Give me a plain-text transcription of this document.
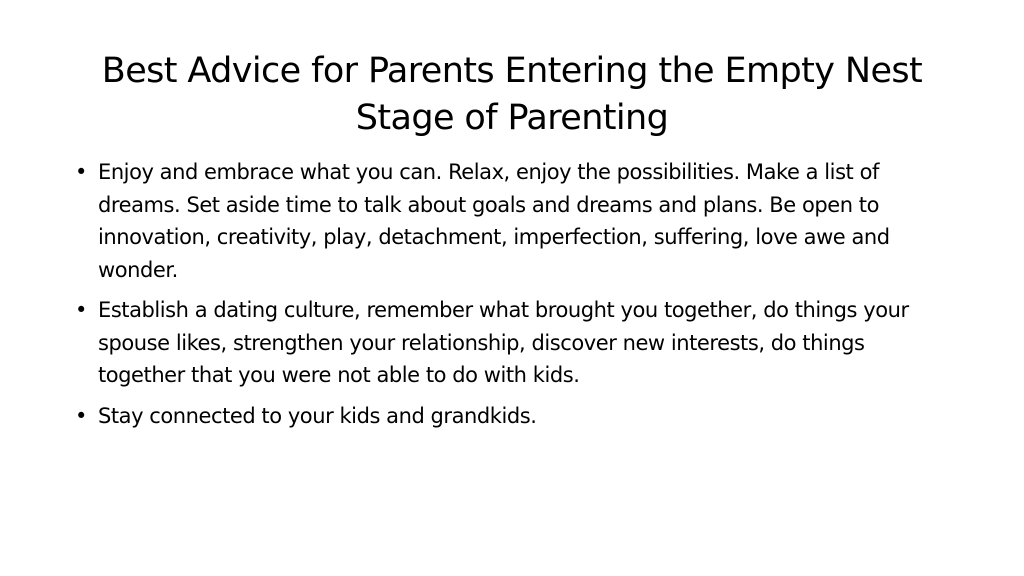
Best Advice for Parents Entering the Empty Nest Stage of Parenting
• Enjoy and embrace what you can. Relax, enjoy the possibilities. Make a list of dreams. Set aside time to talk about goals and dreams and plans. Be open to innovation, creativity, play, detachment, imperfection, suffering, love awe and wonder.
• Establish a dating culture, remember what brought you together, do things your spouse likes, strengthen your relationship, discover new interests, do things together that you were not able to do with kids.
• Stay connected to your kids and grandkids.
